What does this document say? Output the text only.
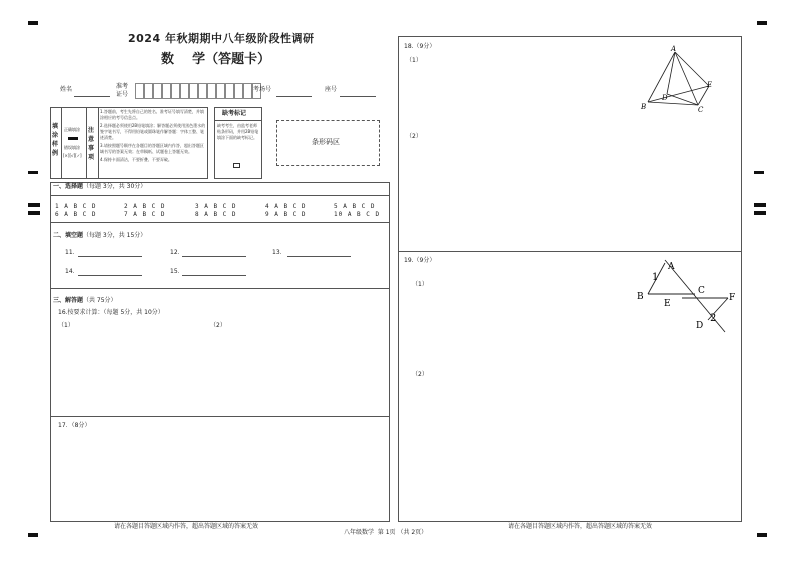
2024 年秋期期中八年级阶段性调研
数    学（答题卡）
姓名	准考
证号
考场号	座号
填涂样例
正确填涂
错误填涂
[×][√][✓]
注意事项
1.答题前，考生先将自己的姓名、准考证号填写清楚，并填涂相应的考号信息点。
2.选择题必须使用2B铅笔填涂；解答题必须使用黑色墨水的签字笔书写，不得用铅笔或圆珠笔作解答题：字体工整、笔迹清楚。
3.请按照题号顺序在各题目的答题区域内作答，超出答题区域书写的答案无效；在草稿纸、试题卷上答题无效。
4.保持卡面清洁，不要折叠、不要弄破。
缺考标记
缺考考生，由监考老师贴条形码，并用2B铅笔填涂下面的缺考标记。
条形码区
一、选择题（每题 3分，共 30分）
1 A B C D	2 A B C D	3 A B C D	4 A B C D	5 A B C D
6 A B C D	7 A B C D	8 A B C D	9 A B C D	10 A B C D
二、填空题（每题 3分，共 15分）
11．	12．	13．
14．	15．
三、解答题（共 75分）
16.按要求计算：（每题 5分，共 10分）
（1）	（2）
17．（8分）
18.（9分）
（1）
（2）
A
E
D
B	C
19.（9分）
（1）
（2）
A
1
B
C
F
E
D
2
请在各题目答题区域内作答，超出答题区域的答案无效
八年级数学  第 1页 （共 2页）
请在各题目答题区域内作答，超出答题区域的答案无效
